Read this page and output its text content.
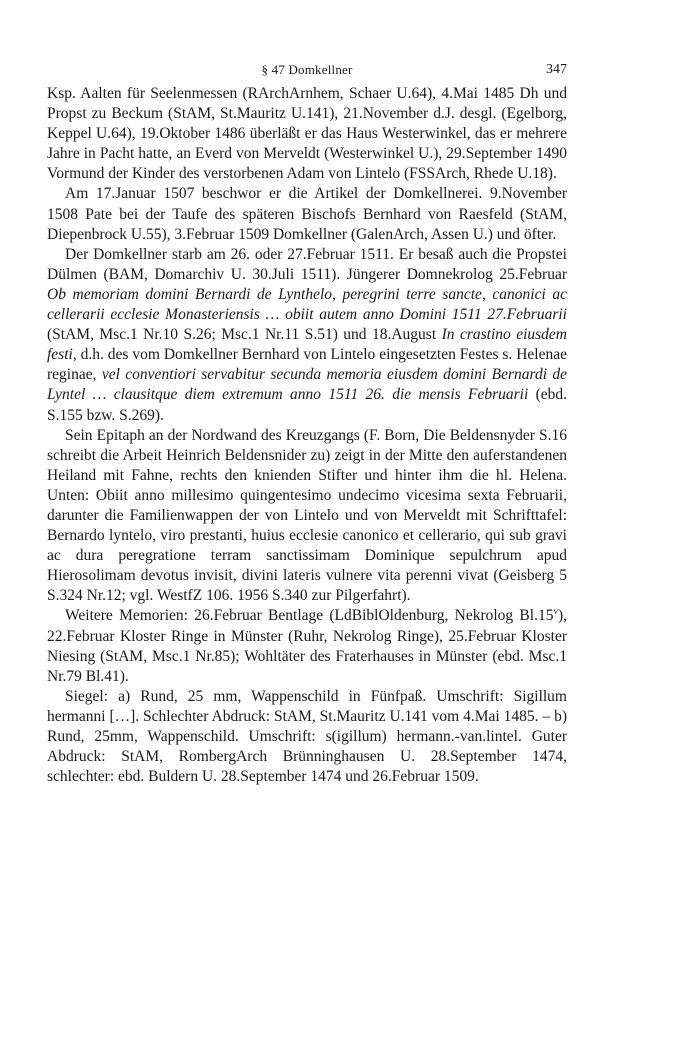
§ 47 Domkellner	347

Ksp. Aalten für Seelenmessen (RArchArnhem, Schaer U.64), 4.Mai 1485 Dh und Propst zu Beckum (StAM, St.Mauritz U.141), 21.November d.J. desgl. (Egelborg, Keppel U.64), 19.Oktober 1486 überläßt er das Haus Westerwinkel, das er mehrere Jahre in Pacht hatte, an Everd von Merveldt (Westerwinkel U.), 29.September 1490 Vormund der Kinder des verstorbenen Adam von Lintelo (FSSArch, Rhede U.18).

Am 17.Januar 1507 beschwor er die Artikel der Domkellnerei. 9.November 1508 Pate bei der Taufe des späteren Bischofs Bernhard von Raesfeld (StAM, Diepenbrock U.55), 3.Februar 1509 Domkellner (GalenArch, Assen U.) und öfter.

Der Domkellner starb am 26. oder 27.Februar 1511. Er besaß auch die Propstei Dülmen (BAM, Domarchiv U. 30.Juli 1511). Jüngerer Domnekrolog 25.Februar Ob memoriam domini Bernardi de Lynthelo, peregrini terre sancte, canonici ac cellerarii ecclesie Monasteriensis … obiit autem anno Domini 1511 27.Februarii (StAM, Msc.1 Nr.10 S.26; Msc.1 Nr.11 S.51) und 18.August In crastino eiusdem festi, d.h. des vom Domkellner Bernhard von Lintelo eingesetzten Festes s. Helenae reginae, vel conventiori servabitur secunda memoria eiusdem domini Bernardi de Lyntel … clausitque diem extremum anno 1511 26. die mensis Februarii (ebd. S.155 bzw. S.269).

Sein Epitaph an der Nordwand des Kreuzgangs (F. Born, Die Beldensnyder S.16 schreibt die Arbeit Heinrich Beldensnider zu) zeigt in der Mitte den auferstandenen Heiland mit Fahne, rechts den knienden Stifter und hinter ihm die hl. Helena. Unten: Obiit anno millesimo quingentesimo undecimo vicesima sexta Februarii, darunter die Familienwappen der von Lintelo und von Merveldt mit Schrifttafel: Bernardo lyntelo, viro prestanti, huius ecclesie canonico et cellerario, qui sub gravi ac dura peregratione terram sanctissimam Dominique sepulchrum apud Hierosolimam devotus invisit, divini lateris vulnere vita perenni vivat (Geisberg 5 S.324 Nr.12; vgl. WestfZ 106. 1956 S.340 zur Pilgerfahrt).

Weitere Memorien: 26.Februar Bentlage (LdBiblOldenburg, Nekrolog Bl.15$^v$), 22.Februar Kloster Ringe in Münster (Ruhr, Nekrolog Ringe), 25.Februar Kloster Niesing (StAM, Msc.1 Nr.85); Wohltäter des Fraterhauses in Münster (ebd. Msc.1 Nr.79 Bl.41).

Siegel: a) Rund, 25 mm, Wappenschild in Fünfpaß. Umschrift: Sigillum hermanni […]. Schlechter Abdruck: StAM, St.Mauritz U.141 vom 4.Mai 1485. – b) Rund, 25mm, Wappenschild. Umschrift: s(igillum) hermann.-van.lintel. Guter Abdruck: StAM, RombergArch Brünninghausen U. 28.September 1474, schlechter: ebd. Buldern U. 28.September 1474 und 26.Februar 1509.
